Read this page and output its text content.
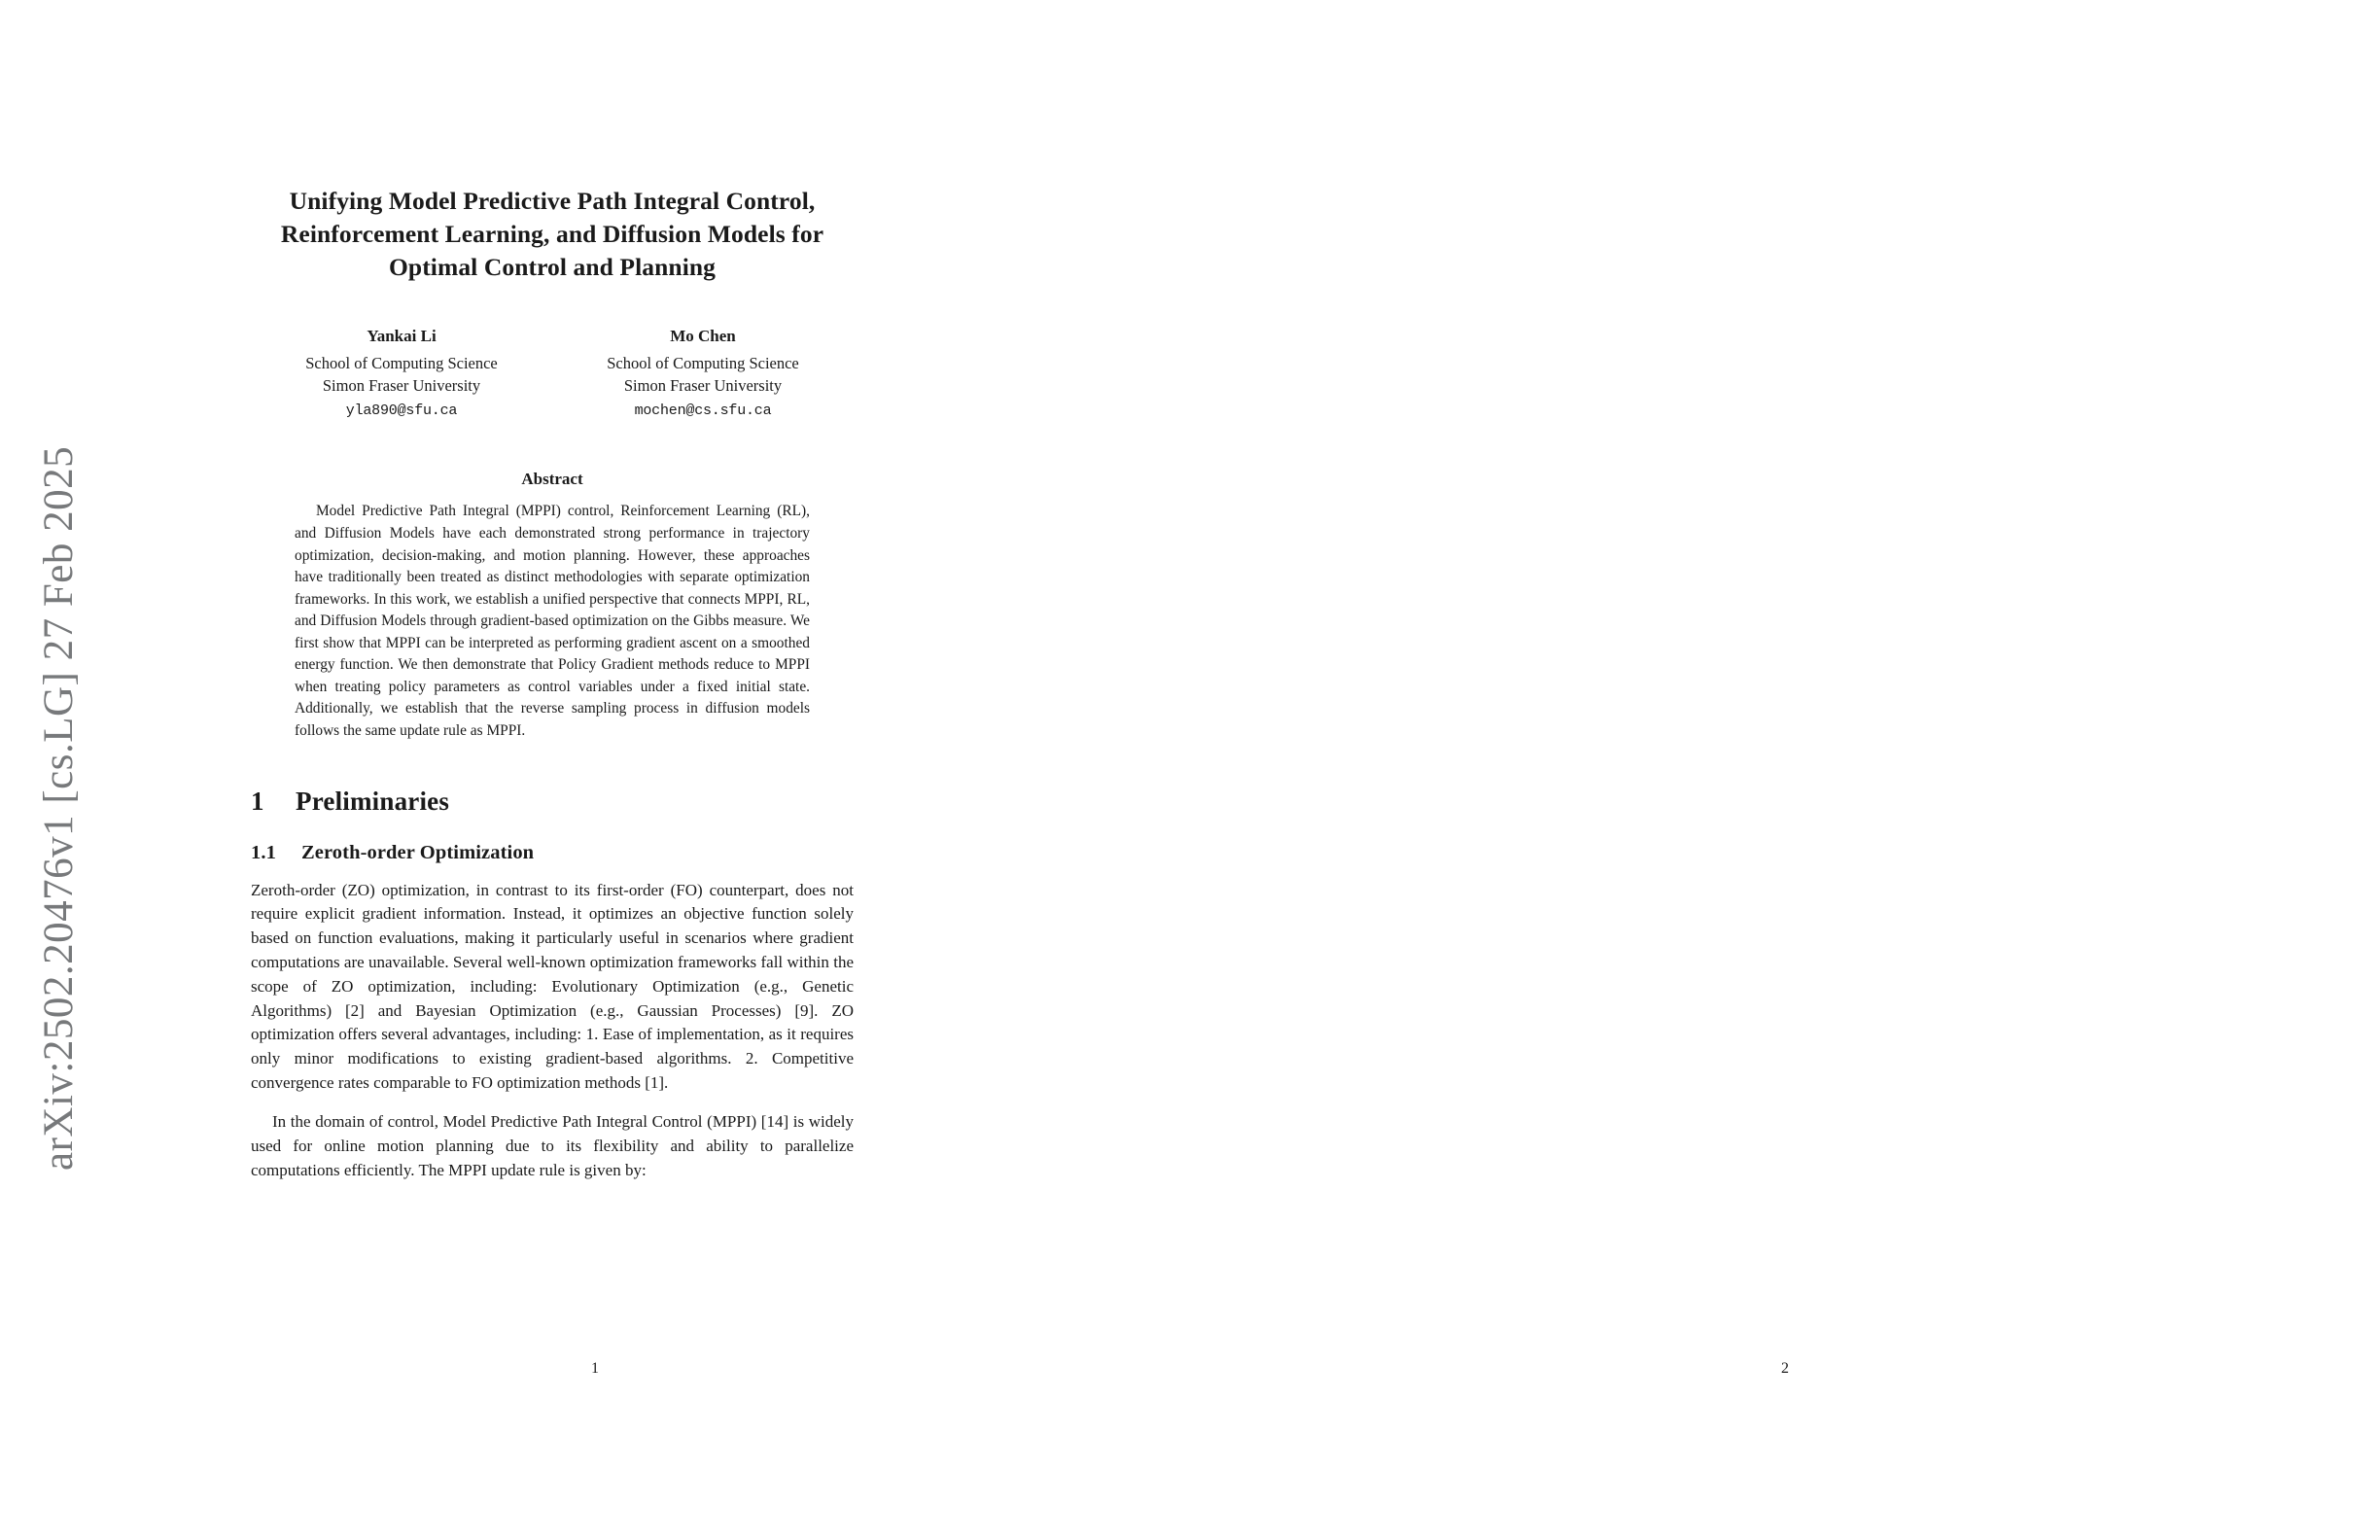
arXiv:2502.20476v1 [cs.LG] 27 Feb 2025
Unifying Model Predictive Path Integral Control,
Reinforcement Learning, and Diffusion Models for
Optimal Control and Planning
Yankai Li
School of Computing Science
Simon Fraser University
yla890@sfu.ca
Mo Chen
School of Computing Science
Simon Fraser University
mochen@cs.sfu.ca
Abstract
Model Predictive Path Integral (MPPI) control, Reinforcement Learning (RL), and Diffusion Models have each demonstrated strong performance in trajectory optimization, decision-making, and motion planning. However, these approaches have traditionally been treated as distinct methodologies with separate optimization frameworks. In this work, we establish a unified perspective that connects MPPI, RL, and Diffusion Models through gradient-based optimization on the Gibbs measure. We first show that MPPI can be interpreted as performing gradient ascent on a smoothed energy function. We then demonstrate that Policy Gradient methods reduce to MPPI when treating policy parameters as control variables under a fixed initial state. Additionally, we establish that the reverse sampling process in diffusion models follows the same update rule as MPPI.
1 Preliminaries
1.1 Zeroth-order Optimization

Zeroth-order (ZO) optimization, in contrast to its first-order (FO) counterpart, does not require explicit gradient information. Instead, it optimizes an objective function solely based on function evaluations, making it particularly useful in scenarios where gradient computations are unavailable. Several well-known optimization frameworks fall within the scope of ZO optimization, including: Evolutionary Optimization (e.g., Genetic Algorithms) [2] and Bayesian Optimization (e.g., Gaussian Processes) [9]. ZO optimization offers several advantages, including: 1. Ease of implementation, as it requires only minor modifications to existing gradient-based algorithms. 2. Competitive convergence rates comparable to FO optimization methods [1].

In the domain of control, Model Predictive Path Integral Control (MPPI) [14] is widely used for online motion planning due to its flexibility and ability to parallelize computations efficiently. The MPPI update rule is given by:

1	2
